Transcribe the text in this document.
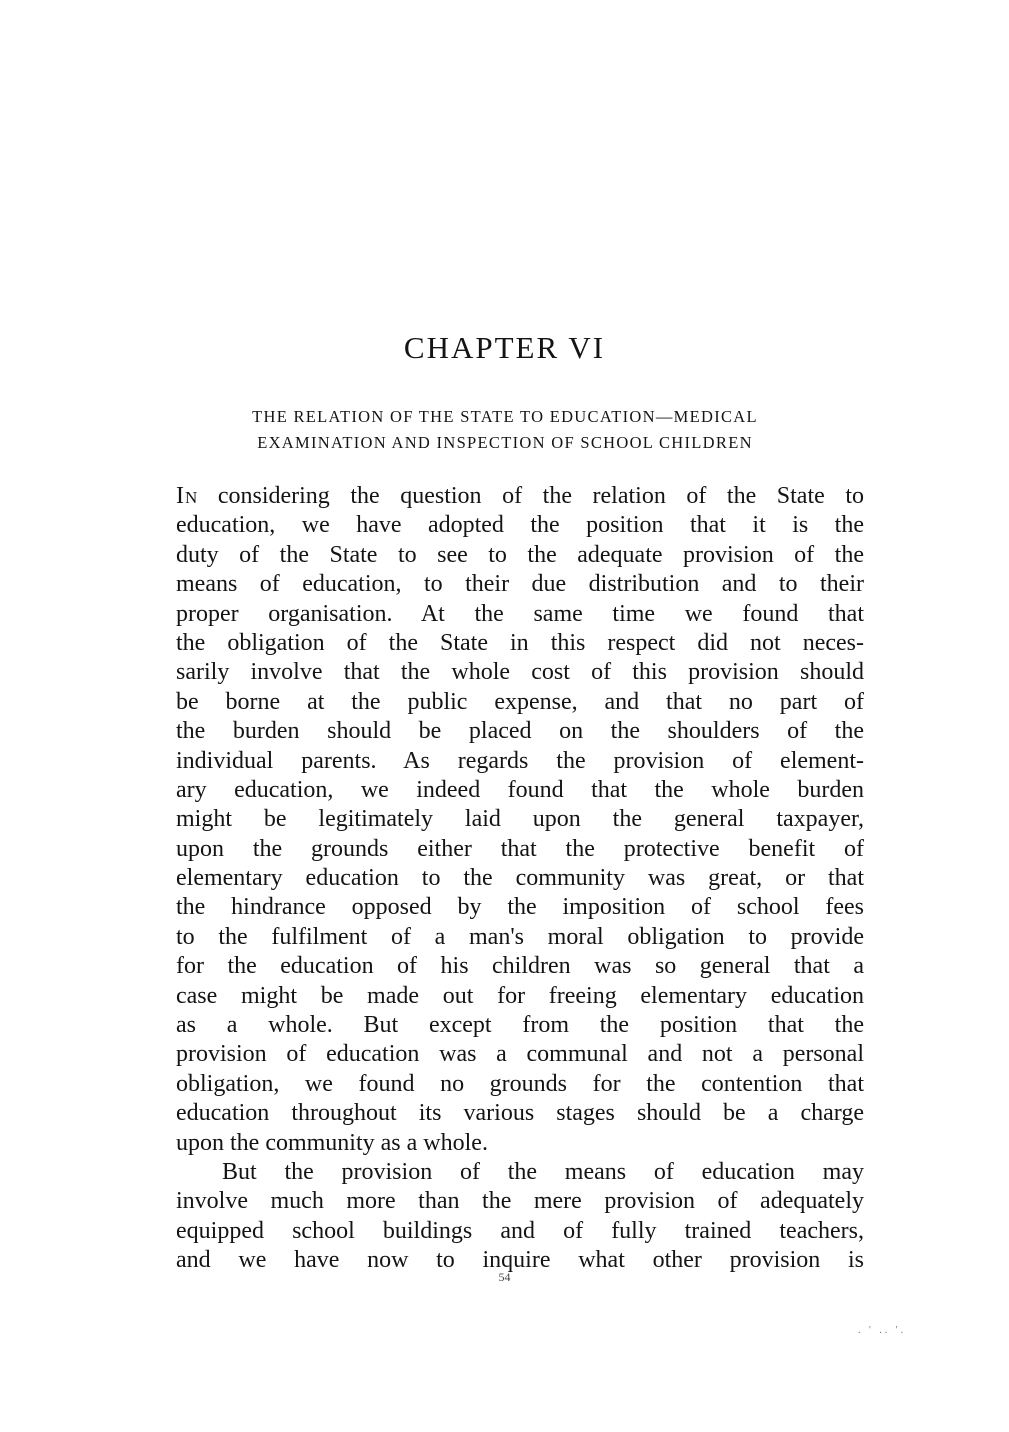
CHAPTER VI
THE RELATION OF THE STATE TO EDUCATION—MEDICAL
EXAMINATION AND INSPECTION OF SCHOOL CHILDREN
IN considering the question of the relation of the State to
education, we have adopted the position that it is the
duty of the State to see to the adequate provision of the
means of education, to their due distribution and to their
proper organisation. At the same time we found that
the obligation of the State in this respect did not neces-
sarily involve that the whole cost of this provision should
be borne at the public expense, and that no part of
the burden should be placed on the shoulders of the
individual parents. As regards the provision of element-
ary education, we indeed found that the whole burden
might be legitimately laid upon the general taxpayer,
upon the grounds either that the protective benefit of
elementary education to the community was great, or that
the hindrance opposed by the imposition of school fees
to the fulfilment of a man's moral obligation to provide
for the education of his children was so general that a
case might be made out for freeing elementary education
as a whole. But except from the position that the
provision of education was a communal and not a personal
obligation, we found no grounds for the contention that
education throughout its various stages should be a charge
upon the community as a whole.
But the provision of the means of education may
involve much more than the mere provision of adequately
equipped school buildings and of fully trained teachers,
and we have now to inquire what other provision is
54
. ' .. '.
